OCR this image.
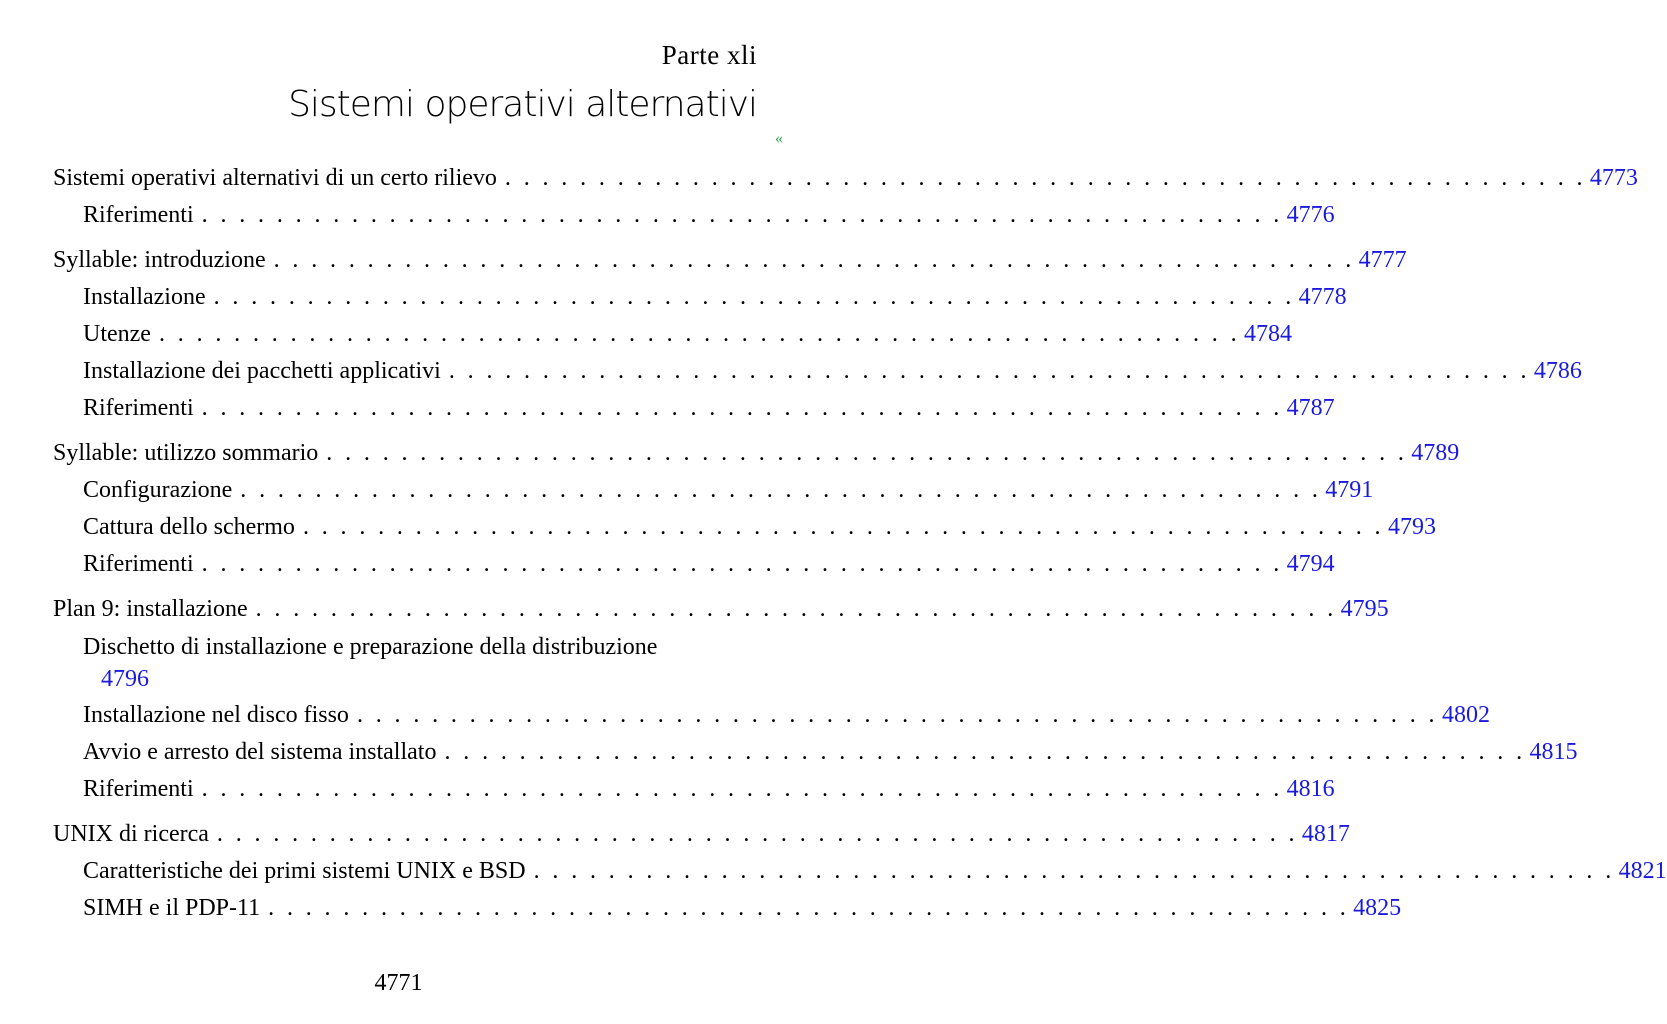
Parte xli
Sistemi operativi alternativi
«
Sistemi operativi alternativi di un certo rilievo . . . . . . . . . . . . . . . . . . . . . . . . . . . . . . . . . . . . . . . . . . . . . . . . . . . . . . . . . . 4773
Riferimenti . . . . . . . . . . . . . . . . . . . . . . . . . . . . . . . . . . . . . . . . . . . . . . . . . . . . . . . . . . 4776
Syllable: introduzione . . . . . . . . . . . . . . . . . . . . . . . . . . . . . . . . . . . . . . . . . . . . . . . . . . . . . . . . . . 4777
Installazione . . . . . . . . . . . . . . . . . . . . . . . . . . . . . . . . . . . . . . . . . . . . . . . . . . . . . . . . . . 4778
Utenze . . . . . . . . . . . . . . . . . . . . . . . . . . . . . . . . . . . . . . . . . . . . . . . . . . . . . . . . . . 4784
Installazione dei pacchetti applicativi . . . . . . . . . . . . . . . . . . . . . . . . . . . . . . . . . . . . . . . . . . . . . . . . . . . . . . . . . . 4786
Riferimenti . . . . . . . . . . . . . . . . . . . . . . . . . . . . . . . . . . . . . . . . . . . . . . . . . . . . . . . . . . 4787
Syllable: utilizzo sommario . . . . . . . . . . . . . . . . . . . . . . . . . . . . . . . . . . . . . . . . . . . . . . . . . . . . . . . . . . 4789
Configurazione . . . . . . . . . . . . . . . . . . . . . . . . . . . . . . . . . . . . . . . . . . . . . . . . . . . . . . . . . . 4791
Cattura dello schermo . . . . . . . . . . . . . . . . . . . . . . . . . . . . . . . . . . . . . . . . . . . . . . . . . . . . . . . . . . 4793
Riferimenti . . . . . . . . . . . . . . . . . . . . . . . . . . . . . . . . . . . . . . . . . . . . . . . . . . . . . . . . . . 4794
Plan 9: installazione . . . . . . . . . . . . . . . . . . . . . . . . . . . . . . . . . . . . . . . . . . . . . . . . . . . . . . . . . . 4795
Dischetto di installazione e preparazione della distribuzione
4796
Installazione nel disco fisso . . . . . . . . . . . . . . . . . . . . . . . . . . . . . . . . . . . . . . . . . . . . . . . . . . . . . . . . . . 4802
Avvio e arresto del sistema installato . . . . . . . . . . . . . . . . . . . . . . . . . . . . . . . . . . . . . . . . . . . . . . . . . . . . . . . . . . 4815
Riferimenti . . . . . . . . . . . . . . . . . . . . . . . . . . . . . . . . . . . . . . . . . . . . . . . . . . . . . . . . . . 4816
UNIX di ricerca . . . . . . . . . . . . . . . . . . . . . . . . . . . . . . . . . . . . . . . . . . . . . . . . . . . . . . . . . . 4817
Caratteristiche dei primi sistemi UNIX e BSD . . . . . . . . . . . . . . . . . . . . . . . . . . . . . . . . . . . . . . . . . . . . . . . . . . . . . . . . . . 4821
SIMH e il PDP-11 . . . . . . . . . . . . . . . . . . . . . . . . . . . . . . . . . . . . . . . . . . . . . . . . . . . . . . . . . . 4825
4771
